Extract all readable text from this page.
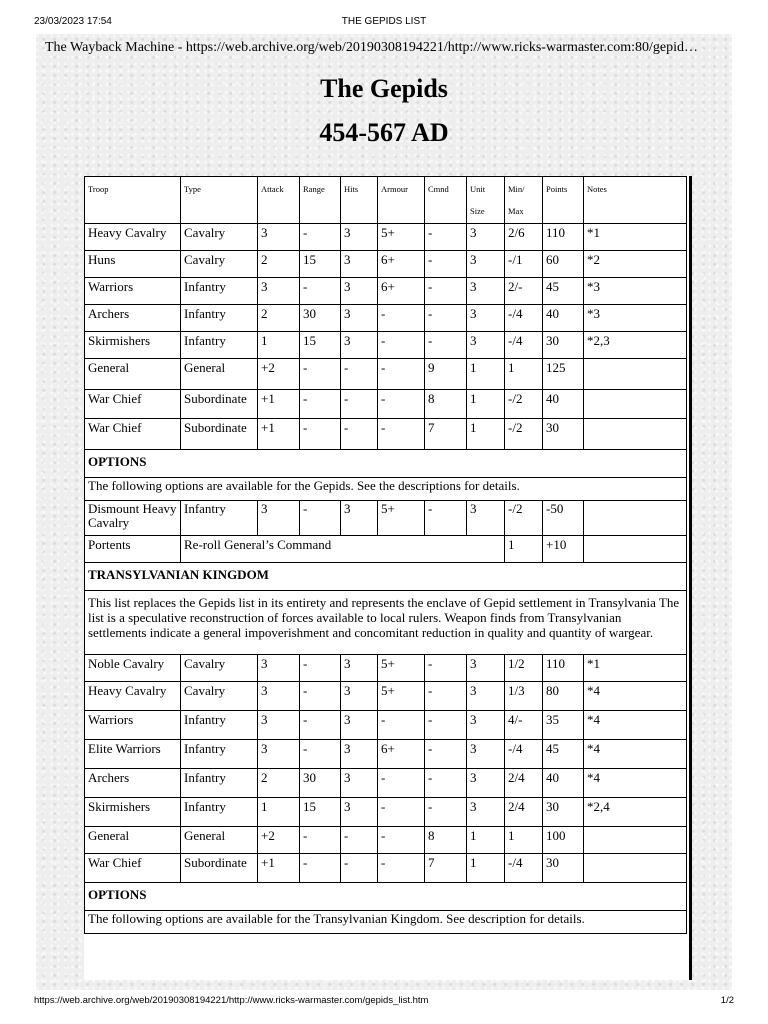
23/03/2023 17:54	THE GEPIDS LIST
The Wayback Machine - https://web.archive.org/web/20190308194221/http://www.ricks-warmaster.com:80/gepid…
The Gepids
454-567 AD
Troop	Type	Attack	Range	Hits	Armour	Cmnd	Unit Size	Min/ Max	Points	Notes
Heavy Cavalry	Cavalry	3	-	3	5+	-	3	2/6	110	*1
Huns	Cavalry	2	15	3	6+	-	3	-/1	60	*2
Warriors	Infantry	3	-	3	6+	-	3	2/-	45	*3
Archers	Infantry	2	30	3	-	-	3	-/4	40	*3
Skirmishers	Infantry	1	15	3	-	-	3	-/4	30	*2,3
General	General	+2	-	-	-	9	1	1	125	
War Chief	Subordinate	+1	-	-	-	8	1	-/2	40	
War Chief	Subordinate	+1	-	-	-	7	1	-/2	30	
OPTIONS										
The following options are available for the Gepids. See the descriptions for details.										
Dismount Heavy Cavalry	Infantry	3	-	3	5+	-	3	-/2	-50	
Portents	Re-roll General’s Command							1	+10	
TRANSYLVANIAN KINGDOM										
This list replaces the Gepids list in its entirety and represents the enclave of Gepid settlement in Transylvania The list is a speculative reconstruction of forces available to local rulers. Weapon finds from Transylvanian settlements indicate a general impoverishment and concomitant reduction in quality and quantity of wargear.										
Noble Cavalry	Cavalry	3	-	3	5+	-	3	1/2	110	*1
Heavy Cavalry	Cavalry	3	-	3	5+	-	3	1/3	80	*4
Warriors	Infantry	3	-	3	-	-	3	4/-	35	*4
Elite Warriors	Infantry	3	-	3	6+	-	3	-/4	45	*4
Archers	Infantry	2	30	3	-	-	3	2/4	40	*4
Skirmishers	Infantry	1	15	3	-	-	3	2/4	30	*2,4
General	General	+2	-	-	-	8	1	1	100	
War Chief	Subordinate	+1	-	-	-	7	1	-/4	30	
OPTIONS										
The following options are available for the Transylvanian Kingdom. See description for details.										
https://web.archive.org/web/20190308194221/http://www.ricks-warmaster.com/gepids_list.htm	1/2
